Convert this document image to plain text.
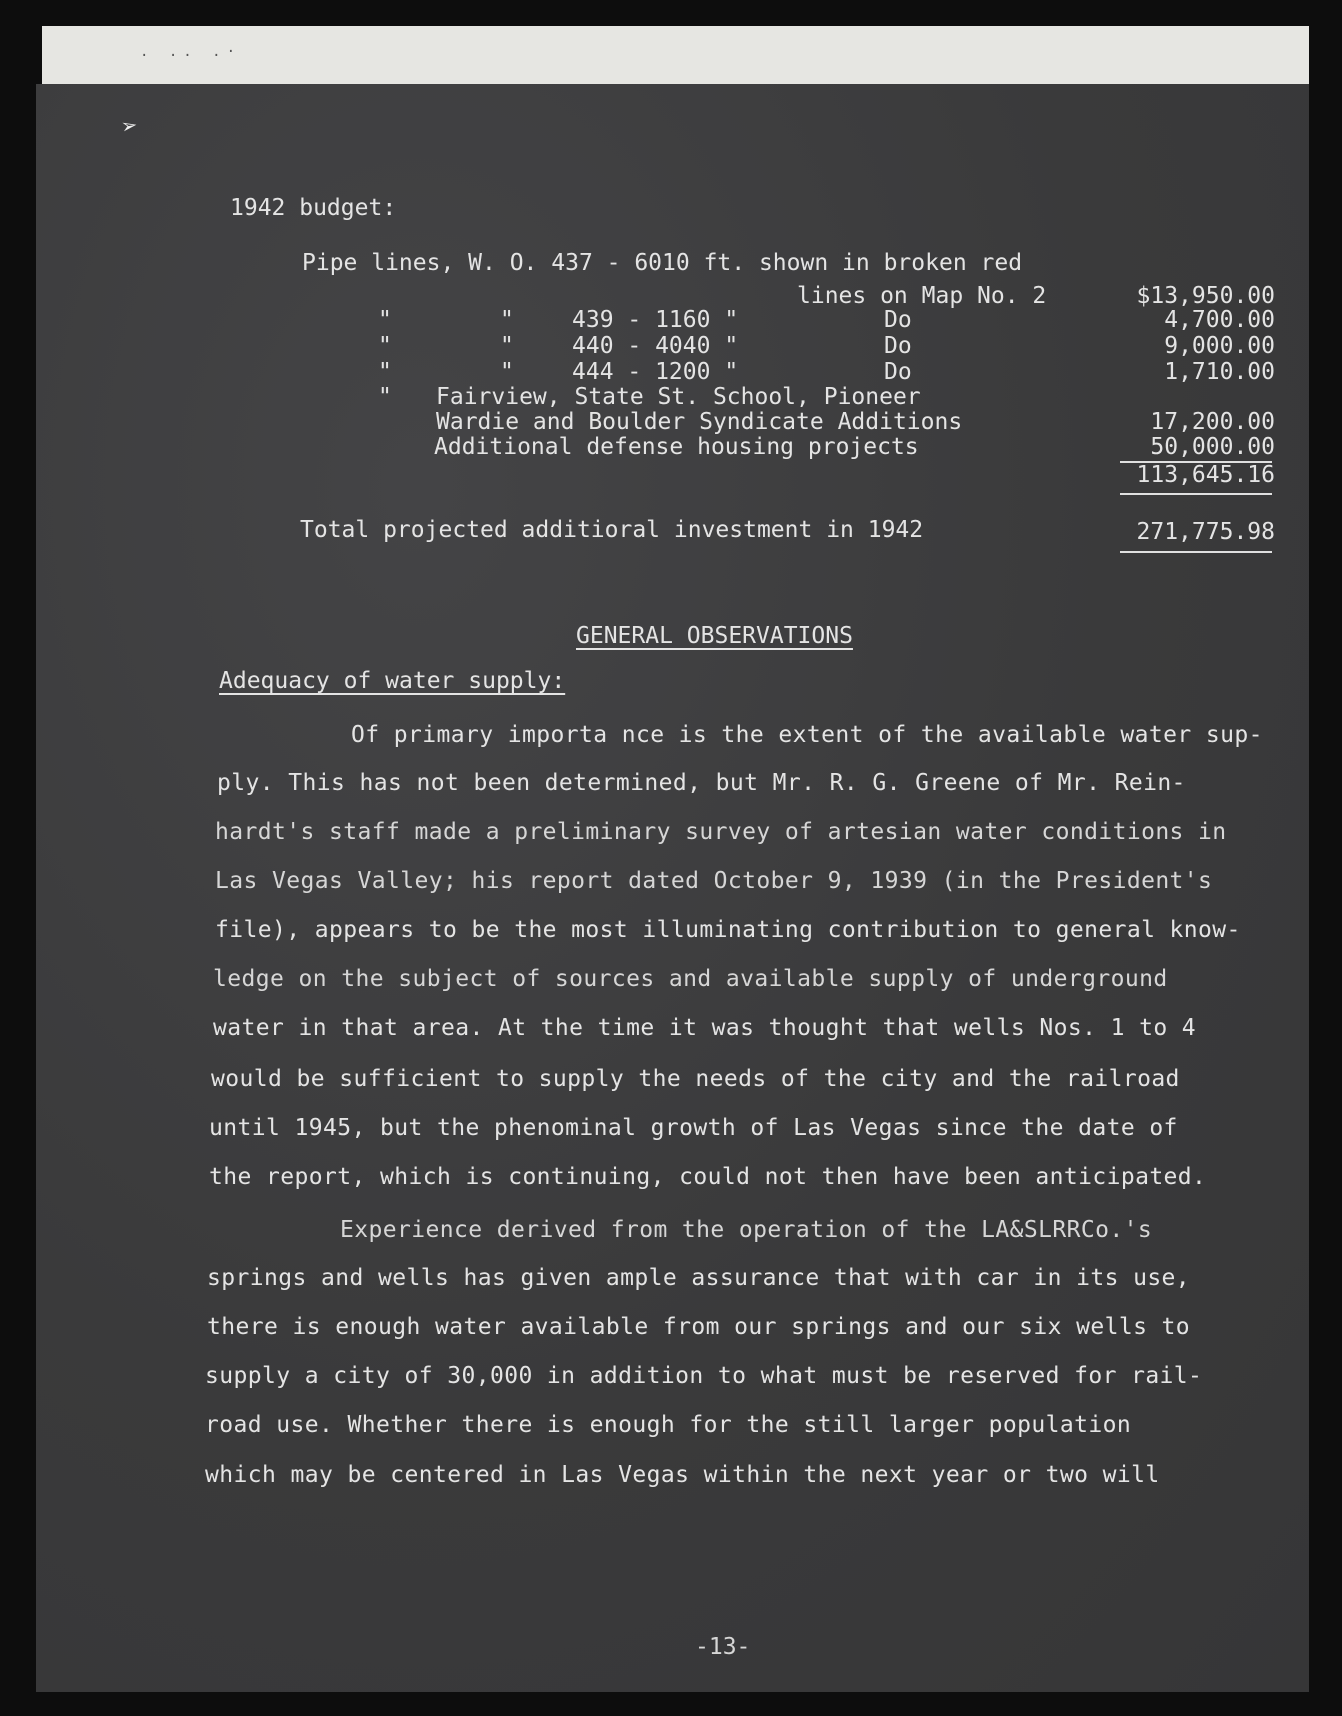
. .. .·
➢
1942 budget:
Pipe lines, W. O. 437 - 6010 ft. shown in broken red
lines on Map No. 2	$13,950.00
"	"	439 - 1160 "	Do	4,700.00
"	"	440 - 4040 "	Do	9,000.00
"	"	444 - 1200 "	Do	1,710.00
" Fairview, State St. School, Pioneer
Wardie and Boulder Syndicate Additions	17,200.00
Additional defense housing projects	50,000.00
113,645.16
Total projected additioral investment in 1942	271,775.98
GENERAL OBSERVATIONS
Adequacy of water supply:
Of primary importa nce is the extent of the available water sup-
ply. This has not been determined, but Mr. R. G. Greene of Mr. Rein-
hardt's staff made a preliminary survey of artesian water conditions in
Las Vegas Valley; his report dated October 9, 1939 (in the President's
file), appears to be the most illuminating contribution to general know-
ledge on the subject of sources and available supply of underground
water in that area. At the time it was thought that wells Nos. 1 to 4
would be sufficient to supply the needs of the city and the railroad
until 1945, but the phenominal growth of Las Vegas since the date of
the report, which is continuing, could not then have been anticipated.
Experience derived from the operation of the LA&SLRRCo.'s
springs and wells has given ample assurance that with car in its use,
there is enough water available from our springs and our six wells to
supply a city of 30,000 in addition to what must be reserved for rail-
road use. Whether there is enough for the still larger population
which may be centered in Las Vegas within the next year or two will
-13-
